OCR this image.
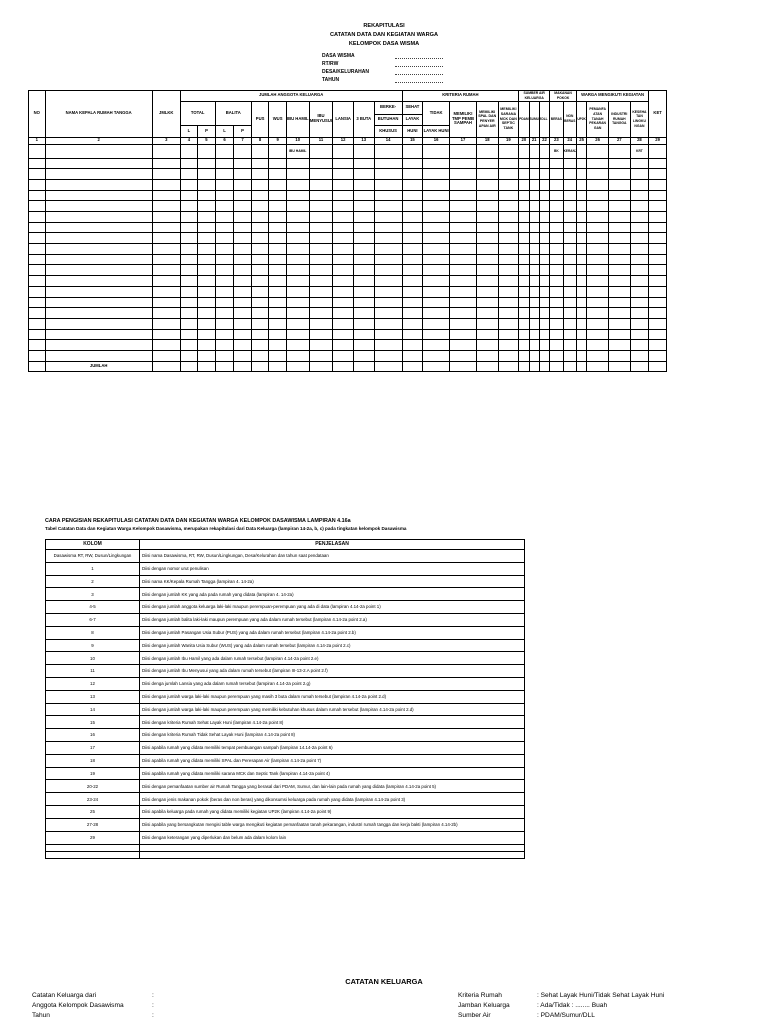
REKAPITULASI
CATATAN DATA DAN KEGIATAN WARGA
KELOMPOK DASA WISMA
DASA WISMA
RT/RW
DESA/KELURAHAN
TAHUN
NO	NAMA KEPALA RUMAH TANGGA	JMLKK	JUMLAH ANGGOTA KELUARGA											KRITERIA RUMAH					SUMBER AIR KELUARGA			MAKANAN POKOK		WARGA MENGIKUTI KEGIATAN				KET
			TOTAL		BALITA		PUS	WUS	IBU HAMIL	IBU MENYUSUI	LANSIA	3 BUTA	BERKE-	SEHAT	TIDAK	MEMILIKI TMP PEMB SAMPAH	MEMILIKI SPAL DAN PENYER APAN AIR	MEMILIKI SARANA MCK DAN SEPTIC TANK	PDAM	SUMUR	DLL	BERAS	NON BERAS	UP2K	PEMANFA ATAN TANAH PEKARAN GAN	INDUSTRI RUMAH TANGGA	KESEHA TAN LINGKU NGAN	
													BUTUHAN	LAYAK														
			L	P	L	P							KHUSUS	HUNI	LAYAK HUNI													
1	2	3	4	5	6	7	8	9	10	11	12	13	14	15	16	17	18	19	20	21	22	23	24	25	26	27	28	29
									IBU HAMIL													BK	KERANJ				KRT	

	JUMLAH																											
CARA PENGISIAN REKAPITULASI CATATAN DATA DAN KEGIATAN WARGA KELOMPOK DASAWISMA LAMPIRAN 4.16a
Tabel Catatan Data dan Kegiatan Warga Kelompok Dasawisma, merupakan rekapitulasi dari Data Keluarga (lampiran 14-2a, b, c) pada tingkatan kelompok Dasawisma
KOLOM	PENJELASAN
Dasawisma RT, RW, Dusun/Lingkungan	Diisi nama Dasawisma, RT, RW, Dusun/Lingkungan, Desa/Kelurahan dan tahun saat pendataan
1	Diisi dengan nomor urut penulisan
2	Diisi nama KK/Kepala Rumah Tangga (lampiran 4. 14-2a)
3	Diisi dengan jumlah KK yang ada pada rumah yang didata (lampiran 4. 14-2a)
4-5	Diisi dengan jumlah anggota keluarga laki-laki maupun perempuan-perempuan yang ada di data (lampiran 4.14-2a point 1)
6-7	Diisi dengan jumlah balita laki-laki maupun perempuan yang ada dalam rumah tersebut (lampiran 4.14-2a point 2.a)
8	Diisi dengan jumlah Pasangan Usia Subur (PUS) yang ada dalam rumah tersebut (lampiran 4.14-2a point 2.b)
9	Diisi dengan jumlah Wanita Usia Subur (WUS) yang ada dalam rumah tersebut (lampiran 4.14-2a point 2.c)
10	Diisi dengan jumlah Ibu Hamil yang ada dalam rumah tersebut (lampiran 4.14-2a point 2.e)
11	Diisi dengan jumlah Ibu Menyusui yang ada dalam rumah tersebut (lampiran III-13-2.A point 2.f)
12	Diisi denga jumlah Lansia yang ada dalam rumah tersebut (lampiran 4.14-2a point 2.g)
13	Diisi dengan jumlah warga laki-laki maupun perempuan yang masih 3 buta dalam rumah tersebut (lampiran 4.14-2a point 2.d)
14	Diisi dengan jumlah warga laki-laki maupun perempuan yang memiliki kebutuhan khusus dalam rumah tersebut (lampiran 4.14-2a point 2.d)
15	Diisi dengan kriteria Rumah Sehat Layak Huni (lampiran 4.14-2a point 8)
16	Diisi dengan kriteria Rumah Tidak Sehat Layak Huni (lampiran 4.14-2a point 8)
17	Diisi apabila rumah yang didata memiliki tempat pembuangan sampah (lampiran 14.14-2a point 6)
18	Diisi apabila rumah yang didata memiliki SPAL dan Peresapan Air (lampiran 4.14-2a point 7)
19	Diisi apabila rumah yang didata memiliki sarana MCK dan Septic Tank (lampiran 4.14-2a point 4)
20-22	Diisi dengan pemanfaatan sumber air Rumah Tangga yang berasal dari PDAM, Sumur, dan lain-lain pada rumah yang didata (lampiran 4.14-2a point 5)
23-24	Diisi dengan jenis makanan pokok (beras dan non beras) yang dikonsumsi keluarga pada rumah yang didata (lampiran 4.14-2a point 3)
25	Diisi apabila keluarga pada rumah yang didata memiliki kegiatan UP2K (lampiran 4.14-2a point 9)
27-28	Diisi apabila yang bersangkutan mengisi table warga mengikuti kegiatan pemanfaatan tanah pekarangan, industri rumah tangga dan kerja bakti (lampiran 4.14-2b)
29	Diisi dengan keterangan yang diperlukan dan belum ada dalam kolom lain

CATATAN KELUARGA
Catatan Keluarga dari	:
Anggota Kelompok Dasawisma	:
Tahun	:
Kriteria Rumah	: Sehat Layak Huni/Tidak Sehat Layak Huni
Jamban Keluarga	: Ada/Tidak : ........ Buah
Sumber Air	: PDAM/Sumur/DLL
